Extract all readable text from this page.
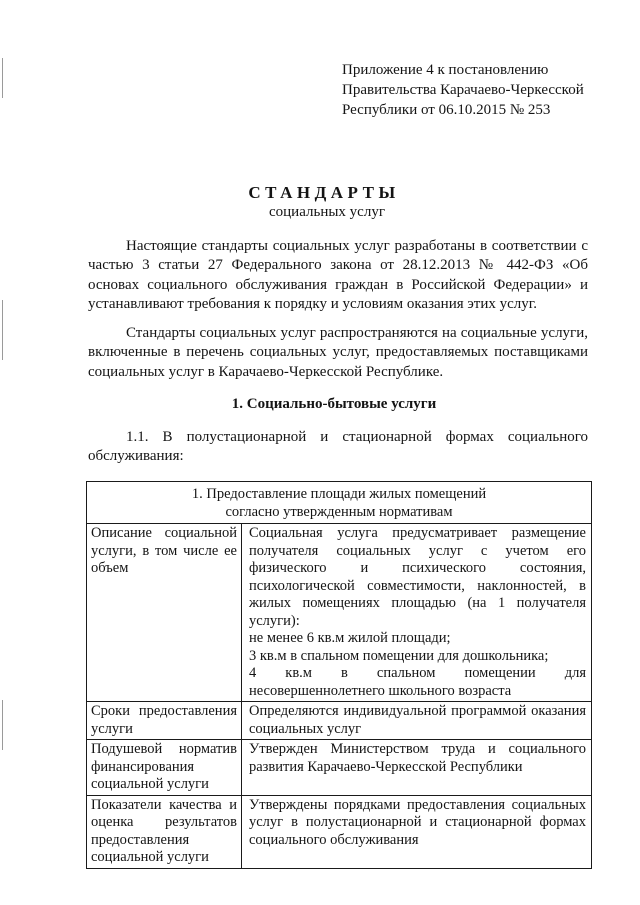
Приложение 4 к постановлению
Правительства Карачаево-Черкесской
Республики от 06.10.2015 № 253
СТАНДАРТЫ
социальных услуг
Настоящие стандарты социальных услуг разработаны в соответствии с частью 3 статьи 27 Федерального закона от 28.12.2013 № 442-ФЗ «Об основах социального обслуживания граждан в Российской Федерации» и устанавливают требования к порядку и условиям оказания этих услуг.
Стандарты социальных услуг распространяются на социальные услуги, включенные в перечень социальных услуг, предоставляемых поставщиками социальных услуг в Карачаево-Черкесской Республике.
1. Социально-бытовые услуги
1.1. В полустационарной и стационарной формах социального обслуживания:
1. Предоставление площади жилых помещений
согласно утвержденным нормативам
Описание социальной услуги, в том числе ее объем
Социальная услуга предусматривает размещение получателя социальных услуг с учетом его физического и психического состояния, психологической совместимости, наклонностей, в жилых помещениях площадью (на 1 получателя услуги):
не менее 6 кв.м жилой площади;
3 кв.м в спальном помещении для дошкольника;
4 кв.м в спальном помещении для несовершеннолетнего школьного возраста
Сроки предоставления услуги
Определяются индивидуальной программой оказания социальных услуг
Подушевой норматив финансирования социальной услуги
Утвержден Министерством труда и социального развития Карачаево-Черкесской Республики
Показатели качества и оценка результатов предоставления социальной услуги
Утверждены порядками предоставления социальных услуг в полустационарной и стационарной формах социального обслуживания
